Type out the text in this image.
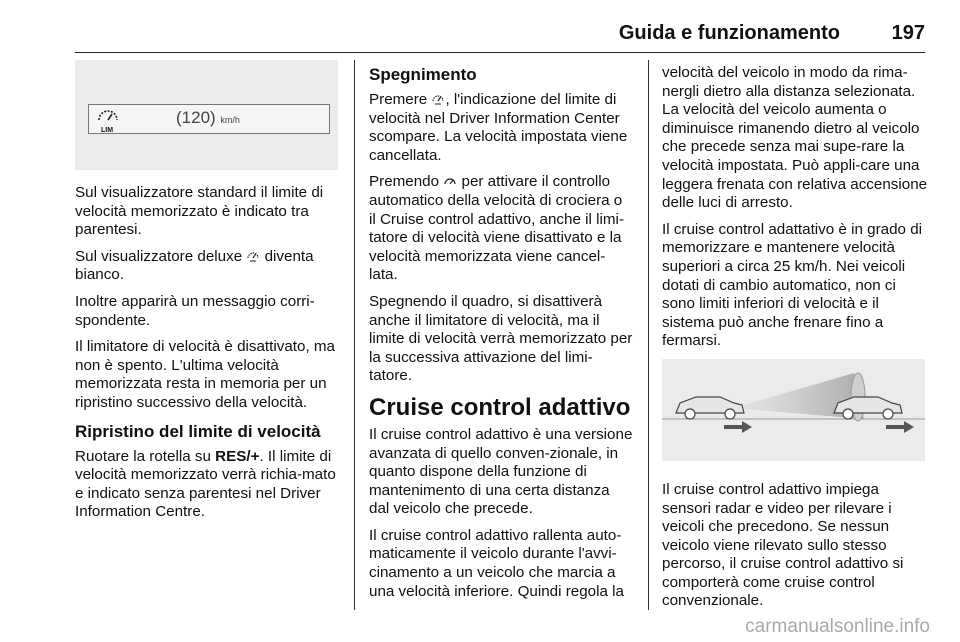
Guida e funzionamento	197
LIM
(120) km/h

Sul visualizzatore standard il limite di velocità memorizzato è indicato tra parentesi.

Sul visualizzatore deluxe  diventa bianco.

Inoltre apparirà un messaggio corri-spondente.

Il limitatore di velocità è disattivato, ma non è spento. L'ultima velocità memorizzata resta in memoria per un ripristino successivo della velocità.

Ripristino del limite di velocità

Ruotare la rotella su RES/+. Il limite di velocità memorizzato verrà richia-mato e indicato senza parentesi nel Driver Information Centre.

Spegnimento

Premere , l'indicazione del limite di velocità nel Driver Information Center scompare. La velocità impostata viene cancellata.

Premendo  per attivare il controllo automatico della velocità di crociera o il Cruise control adattivo, anche il limi-tatore di velocità viene disattivato e la velocità memorizzata viene cancel-lata.

Spegnendo il quadro, si disattiverà anche il limitatore di velocità, ma il limite di velocità verrà memorizzato per la successiva attivazione del limi-tatore.

Cruise control adattivo

Il cruise control adattivo è una versione avanzata di quello conven-zionale, in quanto dispone della funzione di mantenimento di una certa distanza dal veicolo che precede.

Il cruise control adattivo rallenta auto-maticamente il veicolo durante l'avvi-cinamento a un veicolo che marcia a una velocità inferiore. Quindi regola la

velocità del veicolo in modo da rima-nergli dietro alla distanza selezionata. La velocità del veicolo aumenta o diminuisce rimanendo dietro al veicolo che precede senza mai supe-rare la velocità impostata. Può appli-care una leggera frenata con relativa accensione delle luci di arresto.

Il cruise control adattativo è in grado di memorizzare e mantenere velocità superiori a circa 25 km/h. Nei veicoli dotati di cambio automatico, non ci sono limiti inferiori di velocità e il sistema può anche frenare fino a fermarsi.

Il cruise control adattivo impiega sensori radar e video per rilevare i veicoli che precedono. Se nessun veicolo viene rilevato sullo stesso percorso, il cruise control adattivo si comporterà come cruise control convenzionale.

carmanualsonline.info
